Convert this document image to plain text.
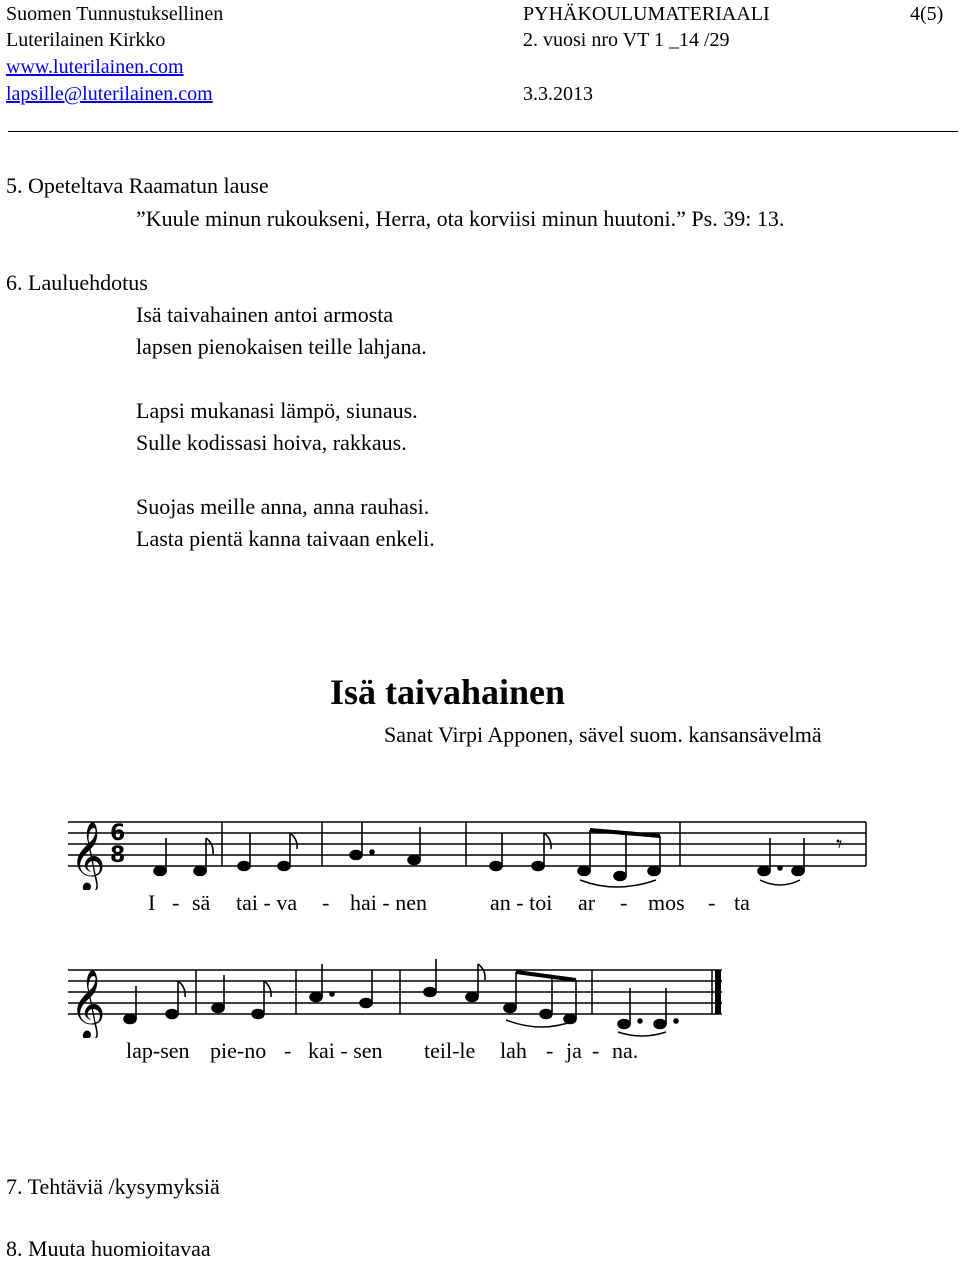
Suomen Tunnustuksellinen
Luterilainen Kirkko
www.luterilainen.com
lapsille@luterilainen.com
PYHÄKOULUMATERIAALI	4(5)
2. vuosi nro VT 1 _14 /29
3.3.2013
5. Opeteltava Raamatun lause
”Kuule minun rukoukseni, Herra, ota korviisi minun huutoni.” Ps. 39: 13.
6. Lauluehdotus
Isä taivahainen antoi armosta
lapsen pienokaisen teille lahjana.
Lapsi mukanasi lämpö, siunaus.
Sulle kodissasi hoiva, rakkaus.
Suojas meille anna, anna rauhasi.
Lasta pientä kanna taivaan enkeli.
Isä taivahainen
Sanat Virpi Apponen, sävel suom. kansansävelmä
𝄞 6
8	𝄾
I - sä tai - va - hai - nen	an - toi ar - mos - ta
𝄞
lap-sen pie-no - kai - sen teil-le lah - ja - na.
7. Tehtäviä /kysymyksiä
8. Muuta huomioitavaa
